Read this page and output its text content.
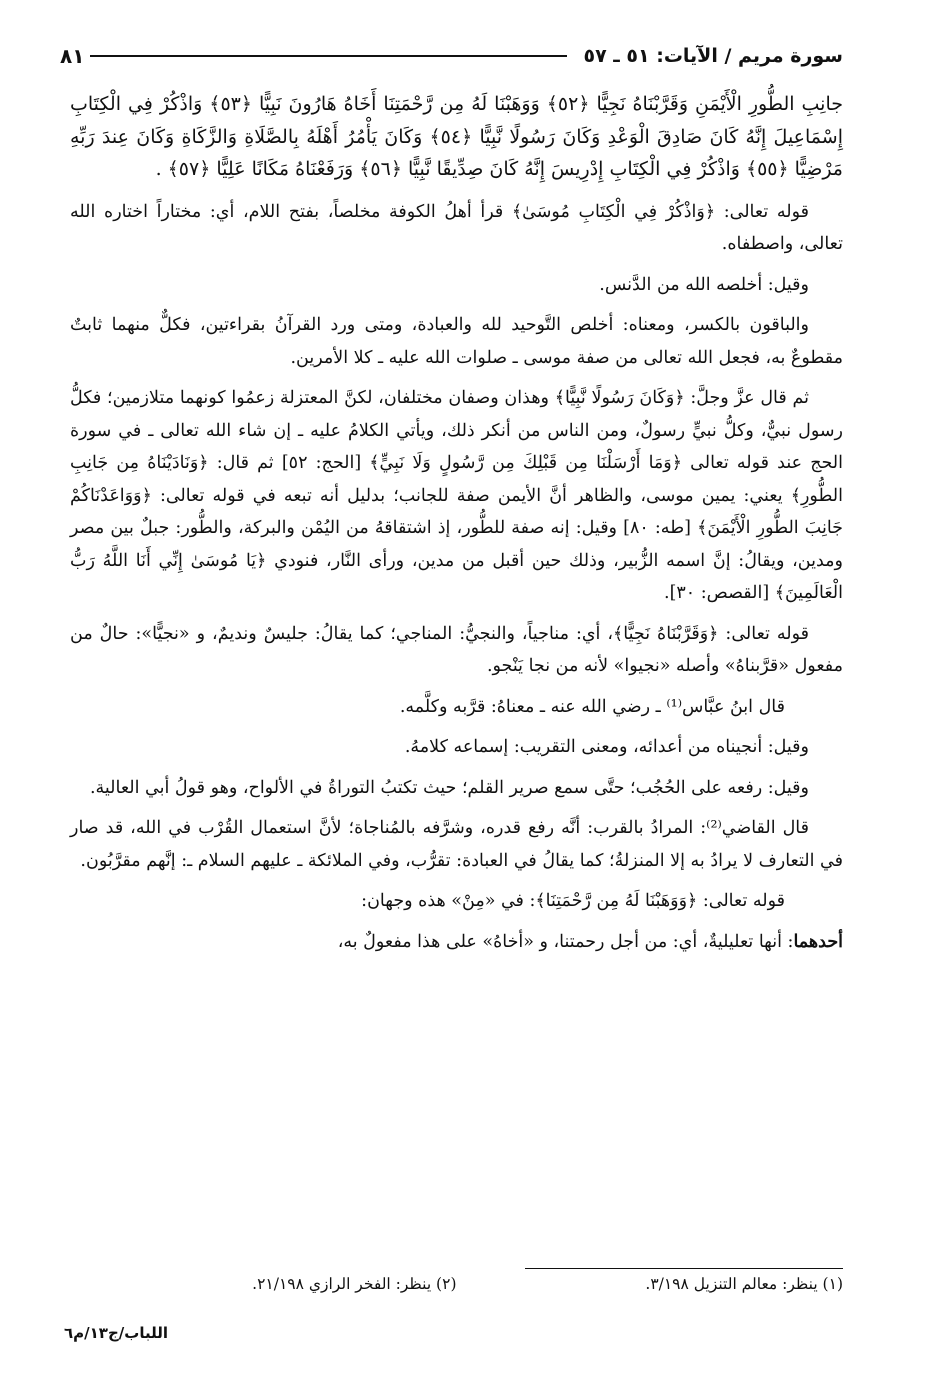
سورة مريم / الآيات: ٥١ ـ ٥٧
٨١

جانِبِ الطُّورِ الْأَيْمَنِ وَقَرَّبْنَاهُ نَجِيًّا ﴿٥٢﴾ وَوَهَبْنَا لَهُ مِن رَّحْمَتِنَا أَخَاهُ هَارُونَ نَبِيًّا ﴿٥٣﴾ وَاذْكُرْ فِي الْكِتَابِ إِسْمَاعِيلَ إِنَّهُ كَانَ صَادِقَ الْوَعْدِ وَكَانَ رَسُولًا نَّبِيًّا ﴿٥٤﴾ وَكَانَ يَأْمُرُ أَهْلَهُ بِالصَّلَاةِ وَالزَّكَاةِ وَكَانَ عِندَ رَبِّهِ مَرْضِيًّا ﴿٥٥﴾ وَاذْكُرْ فِي الْكِتَابِ إِدْرِيسَ إِنَّهُ كَانَ صِدِّيقًا نَّبِيًّا ﴿٥٦﴾ وَرَفَعْنَاهُ مَكَانًا عَلِيًّا ﴿٥٧﴾ .

قوله تعالى: ﴿وَاذْكُرْ فِي الْكِتَابِ مُوسَىٰ﴾ قرأ أهلُ الكوفة مخلصاً، بفتح اللام، أي: مختاراً اختاره الله تعالى، واصطفاه.

وقيل: أخلصه الله من الدَّنس.

والباقون بالكسر، ومعناه: أخلص التَّوحيد لله والعبادة، ومتى ورد القرآنُ بقراءتين، فكلٌّ منهما ثابتٌ مقطوعٌ به، فجعل الله تعالى من صفة موسى ـ صلوات الله عليه ـ كلا الأمرين.

ثم قال عزَّ وجلَّ: ﴿وَكَانَ رَسُولًا نَّبِيًّا﴾ وهذان وصفان مختلفان، لكنَّ المعتزلة زعمُوا كونهما متلازمين؛ فكلُّ رسول نبيٌّ، وكلُّ نبيٍّ رسولٌ، ومن الناس من أنكر ذلك، ويأتي الكلامُ عليه ـ إن شاء الله تعالى ـ في سورة الحج عند قوله تعالى ﴿وَمَا أَرْسَلْنَا مِن قَبْلِكَ مِن رَّسُولٍ وَلَا نَبِيٍّ﴾ [الحج: ٥٢] ثم قال: ﴿وَنَادَيْنَاهُ مِن جَانِبِ الطُّورِ﴾ يعني: يمين موسى، والظاهر أنَّ الأيمن صفة للجانب؛ بدليل أنه تبعه في قوله تعالى: ﴿وَوَاعَدْنَاكُمْ جَانِبَ الطُّورِ الْأَيْمَنَ﴾ [طه: ٨٠] وقيل: إنه صفة للطُّور، إذ اشتقاقهُ من اليُمْن والبركة، والطُّور: جبلٌ بين مصر ومدين، ويقالُ: إنَّ اسمه الزُّبير، وذلك حين أقبل من مدين، ورأى النَّار، فنودي ﴿يَا مُوسَىٰ إِنِّي أَنَا اللَّهُ رَبُّ الْعَالَمِينَ﴾ [القصص: ٣٠].

قوله تعالى: ﴿وَقَرَّبْنَاهُ نَجِيًّا﴾، أي: مناجياً، والنجيُّ: المناجي؛ كما يقالُ: جليسٌ ونديمٌ، و «نجيًّا»: حالٌ من مفعول «قرَّبناهُ» وأصله «نجيوا» لأنه من نجا يَنْجو.

قال ابنُ عبَّاس⁽¹⁾ ـ رضي الله عنه ـ معناهُ: قرَّبه وكلَّمه.

وقيل: أنجيناه من أعدائه، ومعنى التقريب: إسماعه كلامهُ.

وقيل: رفعه على الحُجُب؛ حتَّى سمع صرير القلم؛ حيث تكتبُ التوراةُ في الألواح، وهو قولُ أبي العالية.

قال القاضي⁽²⁾: المرادُ بالقرب: أنَّه رفع قدره، وشرَّفه بالمُناجاة؛ لأنَّ استعمال القُرْب في الله، قد صار في التعارف لا يرادُ به إلا المنزلةُ؛ كما يقالُ في العبادة: تقرُّب، وفي الملائكة ـ عليهم السلام ـ: إنَّهم مقرَّبُون.

قوله تعالى: ﴿وَوَهَبْنَا لَهُ مِن رَّحْمَتِنَا﴾: في «مِنْ» هذه وجهان:

أحدهما: أنها تعليليةٌ، أي: من أجل رحمتنا، و «أخاهُ» على هذا مفعولٌ به،

(١) ينظر: معالم التنزيل ٣/١٩٨.
(٢) ينظر: الفخر الرازي ٢١/١٩٨.
اللباب/ج١٣/م٦
